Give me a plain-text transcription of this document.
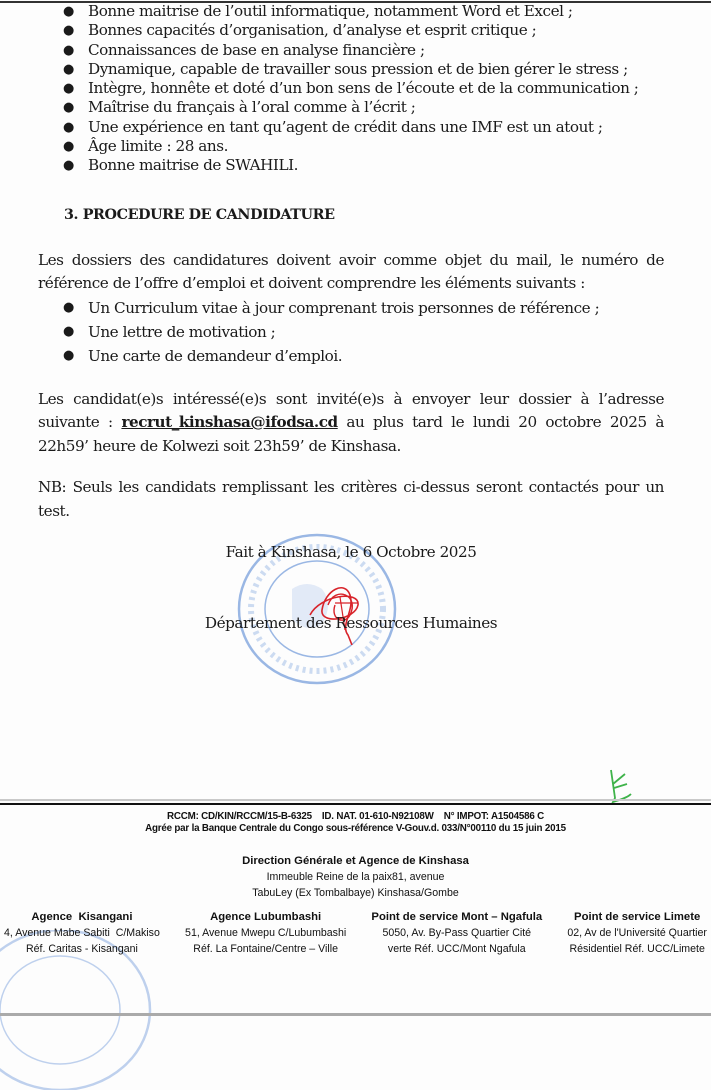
● Bonne maitrise de l’outil informatique, notamment Word et Excel ;
● Bonnes capacités d’organisation, d’analyse et esprit critique ;
● Connaissances de base en analyse financière ;
● Dynamique, capable de travailler sous pression et de bien gérer le stress ;
● Intègre, honnête et doté d’un bon sens de l’écoute et de la communication ;
● Maîtrise du français à l’oral comme à l’écrit ;
● Une expérience en tant qu’agent de crédit dans une IMF est un atout ;
● Âge limite : 28 ans.
● Bonne maitrise de SWAHILI.
3. PROCEDURE DE CANDIDATURE

Les dossiers des candidatures doivent avoir comme objet du mail, le numéro de référence de l’offre d’emploi et doivent comprendre les éléments suivants :

● Un Curriculum vitae à jour comprenant trois personnes de référence ;
● Une lettre de motivation ;
● Une carte de demandeur d’emploi.

Les candidat(e)s intéressé(e)s sont invité(e)s à envoyer leur dossier à l’adresse suivante : recrut_kinshasa@ifodsa.cd au plus tard le lundi 20 octobre 2025 à 22h59’ heure de Kolwezi soit 23h59’ de Kinshasa.

NB: Seuls les candidats remplissant les critères ci-dessus seront contactés pour un test.

Fait à Kinshasa, le 6 Octobre 2025
Département des Ressources Humaines
RCCM: CD/KIN/RCCM/15-B-6325    ID. NAT. 01-610-N92108W    N° IMPOT: A1504586 C
Agrée par la Banque Centrale du Congo sous-référence V-Gouv.d. 033/N°00110 du 15 juin 2015
Direction Générale et Agence de Kinshasa
Immeuble Reine de la paix81, avenue
TabuLey (Ex Tombalbaye) Kinshasa/Gombe
Agence  Kisangani
4, Avenue Mabe Sabiti  C/Makiso
Réf. Caritas - Kisangani
Agence Lubumbashi
51, Avenue Mwepu C/Lubumbashi
Réf. La Fontaine/Centre – Ville
Point de service Mont – Ngafula
5050, Av. By-Pass Quartier Cité
verte Réf. UCC/Mont Ngafula
Point de service Limete
02, Av de l'Université Quartier
Résidentiel Réf. UCC/Limete
